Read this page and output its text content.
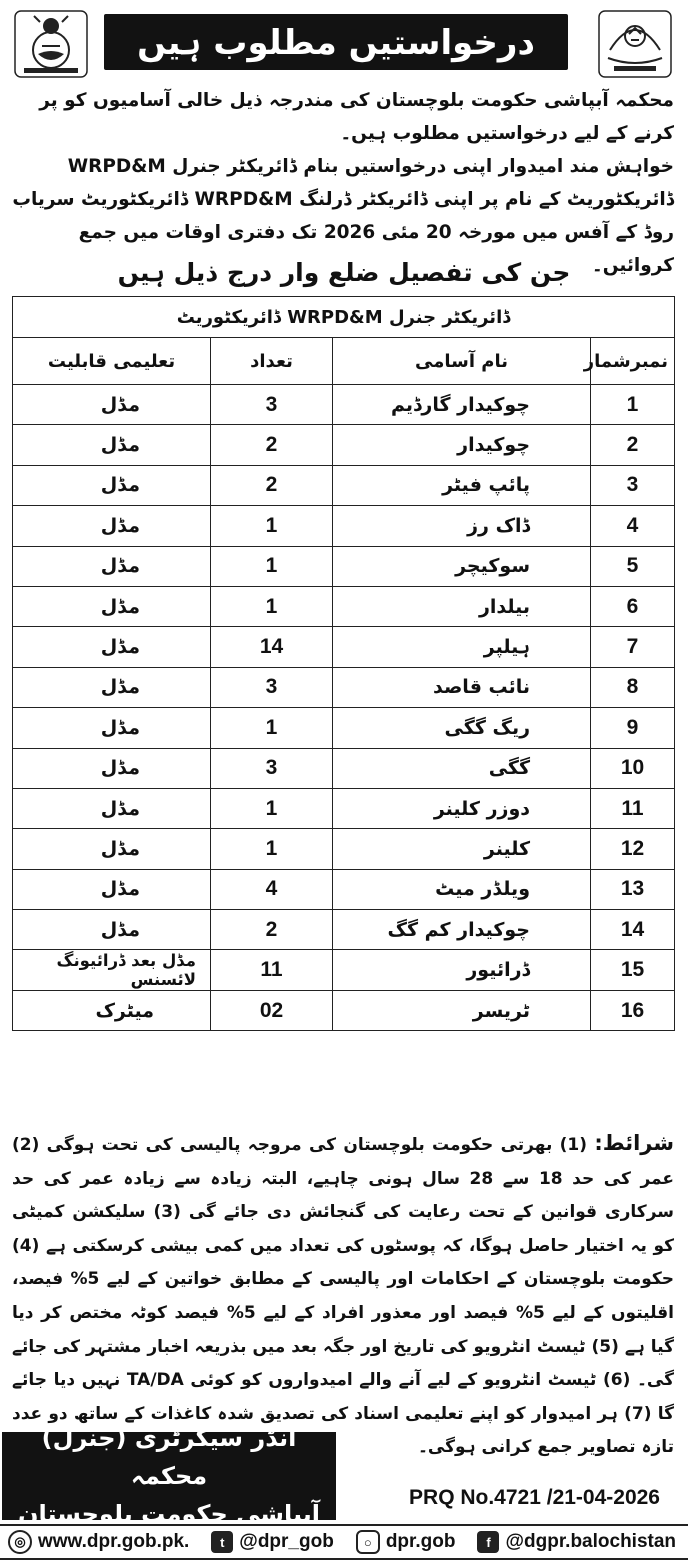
درخواستیں مطلوب ہیں

محکمہ آبپاشی حکومت بلوچستان کی مندرجہ ذیل خالی آسامیوں کو پر کرنے کے لیے درخواستیں مطلوب ہیں۔

خواہش مند امیدوار اپنی درخواستیں بنام ڈائریکٹر جنرل WRPD&M ڈائریکٹوریٹ کے نام پر اپنی ڈائریکٹر ڈرلنگ WRPD&M ڈائریکٹوریٹ سریاب روڈ کے آفس میں مورخہ 20 مئی 2026 تک دفتری اوقات میں جمع کروائیں۔

جن کی تفصیل ضلع وار درج ذیل ہیں
ڈائریکٹر جنرل WRPD&M ڈائریکٹوریٹ			
نمبرشمار	نام آسامی	تعداد	تعلیمی قابلیت
1	چوکیدار گارڈیم	3	مڈل
2	چوکیدار	2	مڈل
3	پائپ فیٹر	2	مڈل
4	ڈاک رز	1	مڈل
5	سوکیچر	1	مڈل
6	بیلدار	1	مڈل
7	ہیلپر	14	مڈل
8	نائب قاصد	3	مڈل
9	ریگ گگی	1	مڈل
10	گگی	3	مڈل
11	دوزر کلینر	1	مڈل
12	کلینر	1	مڈل
13	ویلڈر میٹ	4	مڈل
14	چوکیدار کم گگ	2	مڈل
15	ڈرائیور	11	مڈل بعد ڈرائیونگ لائسنس
16	ٹریسر	02	میٹرک
شرائط: (1) بھرتی حکومت بلوچستان کی مروجہ پالیسی کی تحت ہوگی (2) عمر کی حد 18 سے 28 سال ہونی چاہیے، البتہ زیادہ سے زیادہ عمر کی حد سرکاری قوانین کے تحت رعایت کی گنجائش دی جائے گی (3) سلیکشن کمیٹی کو یہ اختیار حاصل ہوگا، کہ پوسٹوں کی تعداد میں کمی بیشی کرسکتی ہے (4) حکومت بلوچستان کے احکامات اور پالیسی کے مطابق خواتین کے لیے 5% فیصد، اقلیتوں کے لیے 5% فیصد اور معذور افراد کے لیے 5% فیصد کوٹہ مختص کر دیا گیا ہے (5) ٹیسٹ انٹرویو کی تاریخ اور جگہ بعد میں بذریعہ اخبار مشتہر کی جائے گی۔ (6) ٹیسٹ انٹرویو کے لیے آنے والے امیدواروں کو کوئی TA/DA نہیں دیا جائے گا (7) ہر امیدوار کو اپنے تعلیمی اسناد کی تصدیق شدہ کاغذات کے ساتھ دو عدد تازہ تصاویر جمع کرانی ہوگی۔
انڈر سیکرٹری (جنرل) محکمہ
آبپاشی حکومت بلوچستان
PRQ No.4721 /21-04-2026
◎ www.dpr.gob.pk.	t @dpr_gob	○ dpr.gob	f @dgpr.balochistan
